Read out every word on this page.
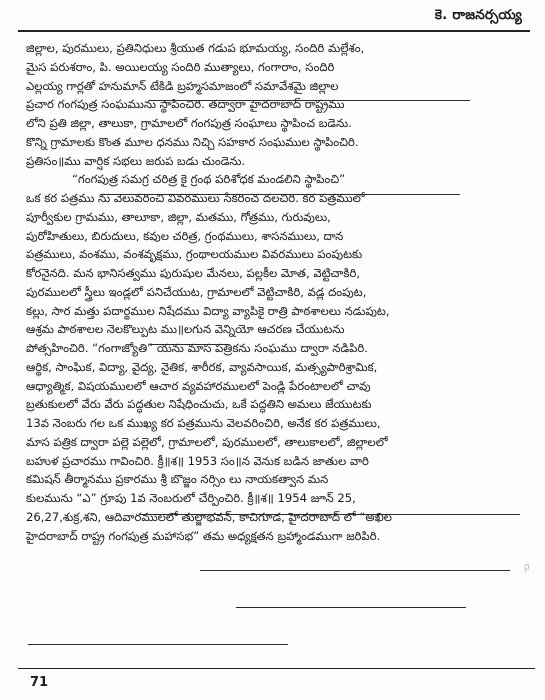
కె. రాజనర్సయ్య
జిల్లాల, పురములు, ప్రతినిధులు శ్రీయుత గడుప భూమయ్య, సందిరి మల్లేశం,
మైస పరుశరాం, పి. అయిలయ్య సందిరి ముత్యాలు, గంగారాం, సందిరి
ఎల్లయ్య గార్లతో హనుమాన్ టేకిడి బ్రహ్మసమాజంలో సమావేశమై జిల్లాల
ప్రచార గంగపుత్ర సంఘమును స్థాపించిరి. తద్వారా హైదరాబాద్ రాష్ట్రము
లోని ప్రతి జిల్లా, తాలుకా, గ్రామాలలో గంగపుత్ర సంఘాలు స్థాపించ బడెను.
కొన్ని గ్రామాలకు కొంత మూల ధనము నిచ్చి సహకార సంఘముల స్థాపించిరి.
ప్రతిసం॥ము వార్షిక సభలు జరుప బడు చుండెను.
“గంగపుత్ర సమగ్ర చరిత్ర కై గ్రంథ పరిశోధక మండలిని స్థాపించి”
ఒక కర పత్రము ను వెలువరించి వివరములు సేకరించ దలచిరి. కర పత్రములో
పూర్వీకుల గ్రామము, తాలూకా, జిల్లా, మతము, గోత్రము, గురువులు,
పురోహితులు, బిరుదులు, కవుల చరిత్ర, గ్రంథములు, శాసనములు, దాన
పత్రములు, వంశము, వంశవృక్షము, గ్రంథాలయముల వివరములు పంపుటకు
కోరనైనది. మన భానిసత్వము పురుషుల మేనలు, పల్లకీల మోత, వెట్టిచాకిరి,
పురములలో స్త్రీలు ఇండ్లలో పనిచేయుట, గ్రామాలలో వెట్టిచాకిరి, వడ్ల దంపుట,
కల్లు, సార మత్తు పదార్థముల నిషేదము విద్యా వ్యాపికై రాత్రి పాఠశాలలు నడుపుట,
ఆశ్రమ పాఠశాలల నెలకొల్పుట ము॥లగున వెన్నియో ఆచరణ చేయుటను
పోత్సహించిరి. “గంగాజ్యోతి” యను మాస పత్రికను సంఘము ద్వారా నడిపిరి.
ఆర్థిక, సాంఘిక, విద్యా, వైద్య, నైతిక, శారీరక, వ్యావసాయిక, మత్స్యపారిశ్రామిక,
ఆధ్యాత్మిక, విషయములలో ఆచార వ్యవహారములలో పెండ్లి పేరంటాలలో చావు
బ్రతుకులలో వేరు వేరు పద్ధతుల నిషేధించుచు, ఒకే పద్ధతిని అమలు జేయుటకు
13వ నెంబరు గల ఒక ముఖ్య కర పత్రమును వెలవరించిరి, అనేక కర పత్రములు,
మాస పత్రిక ద్వారా పల్లె పల్లెలో, గ్రామాలలో, పురములలో, తాలుకాలలో, జిల్లాలలో
బహుళ ప్రచారము గావించిరి. క్రీ॥శ॥ 1953 సం॥న వెనుక బడిన జాతుల వారి
కమిషన్ తీర్మానము ప్రకారము శ్రీ బొజ్జం నర్సిం లు నాయకత్వాన మన
కులమును “ఎ” గ్రూపు 1వ నెంబరులో చేర్పించిరి. క్రీ॥శ॥ 1954 జూన్ 25,
26,27,శుక్ర,శని, ఆదివారములలో తుల్జాభవన్, కాచిగూడ, హైదరాబాద్ లో “అఖిల
హైదరాబాద్ రాష్ట్ర గంగపుత్ర మహాసభ” తమ అధ్యక్షతన బ్రహ్మాండముగా జరిపిరి.
ρ
71
